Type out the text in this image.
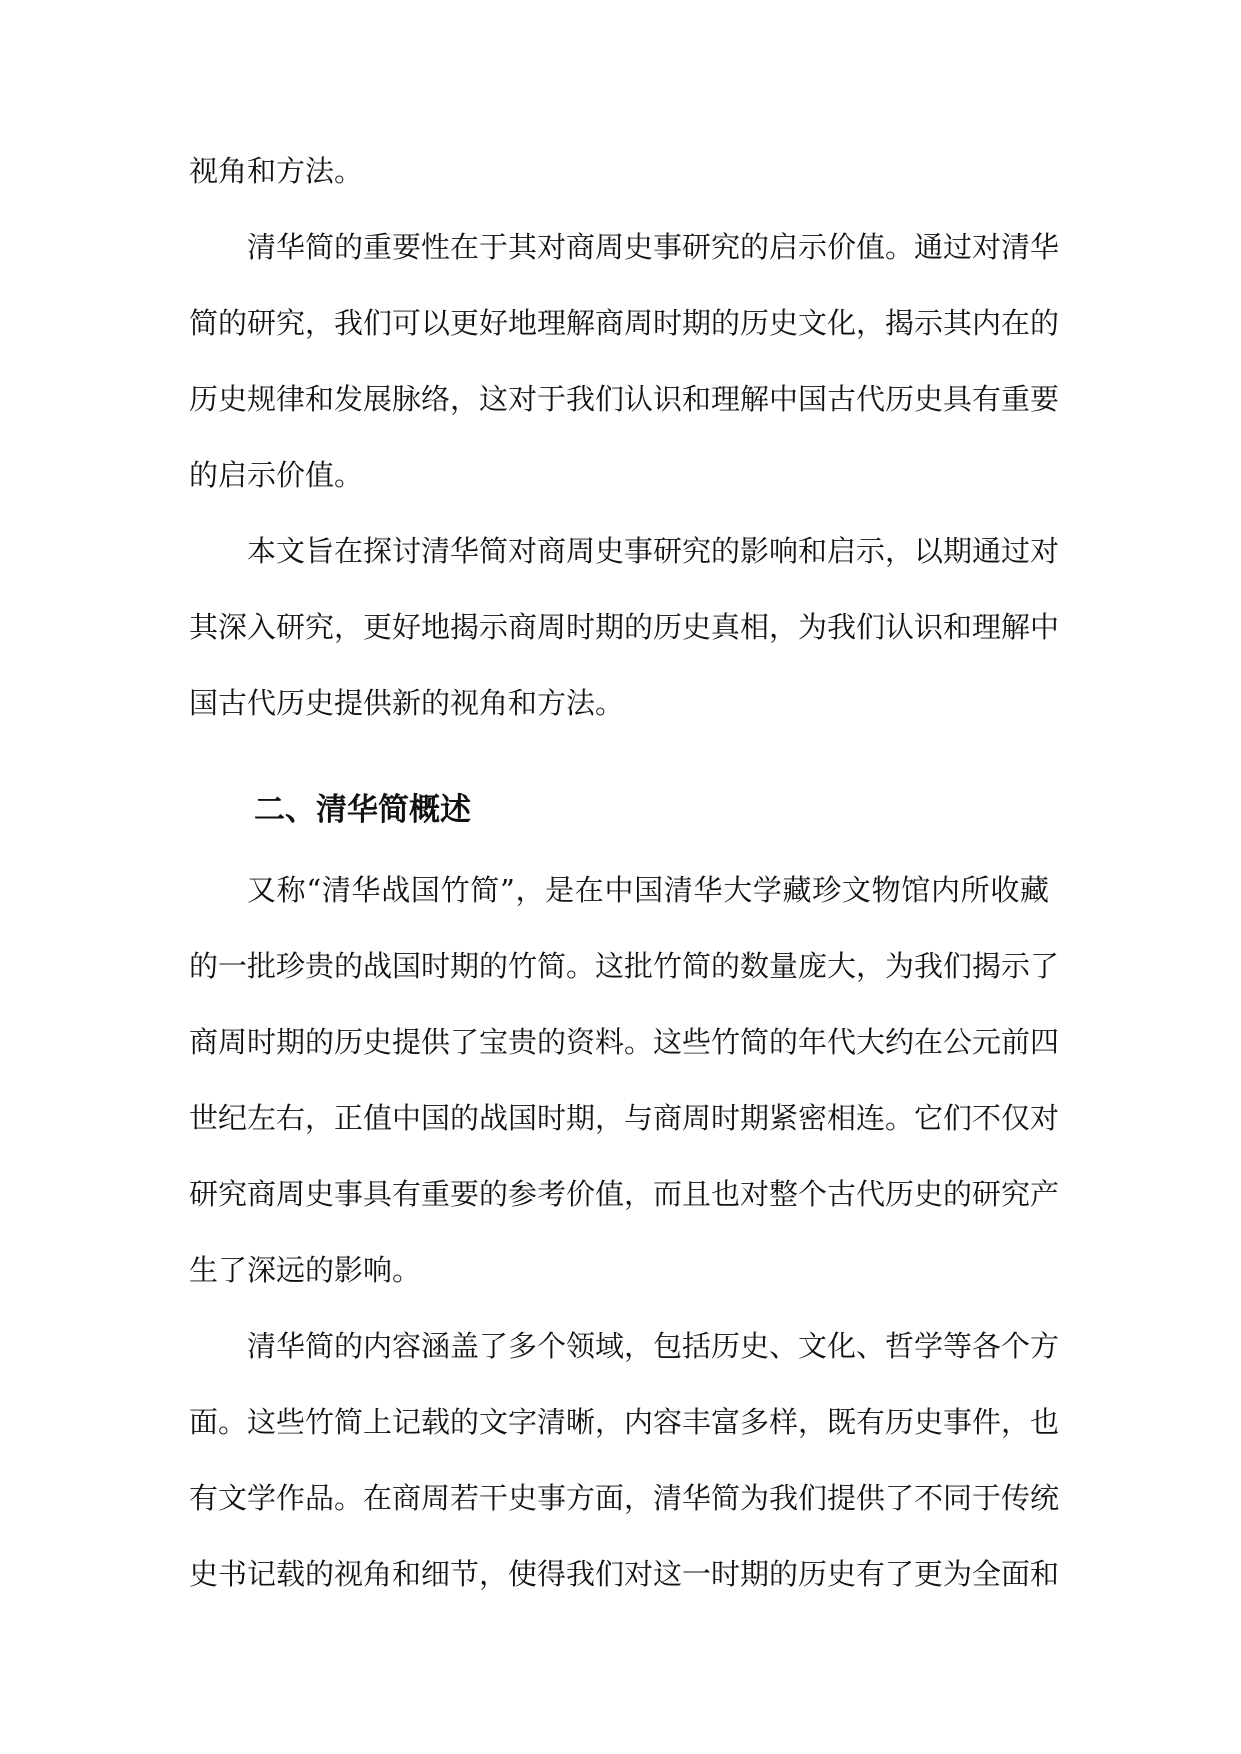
视角和方法。
清华简的重要性在于其对商周史事研究的启示价值。通过对清华
简的研究，我们可以更好地理解商周时期的历史文化，揭示其内在的
历史规律和发展脉络，这对于我们认识和理解中国古代历史具有重要
的启示价值。
本文旨在探讨清华简对商周史事研究的影响和启示，以期通过对
其深入研究，更好地揭示商周时期的历史真相，为我们认识和理解中
国古代历史提供新的视角和方法。
二、清华简概述
又称“清华战国竹简”，是在中国清华大学藏珍文物馆内所收藏
的一批珍贵的战国时期的竹简。这批竹简的数量庞大，为我们揭示了
商周时期的历史提供了宝贵的资料。这些竹简的年代大约在公元前四
世纪左右，正值中国的战国时期，与商周时期紧密相连。它们不仅对
研究商周史事具有重要的参考价值，而且也对整个古代历史的研究产
生了深远的影响。
清华简的内容涵盖了多个领域，包括历史、文化、哲学等各个方
面。这些竹简上记载的文字清晰，内容丰富多样，既有历史事件，也
有文学作品。在商周若干史事方面，清华简为我们提供了不同于传统
史书记载的视角和细节，使得我们对这一时期的历史有了更为全面和
